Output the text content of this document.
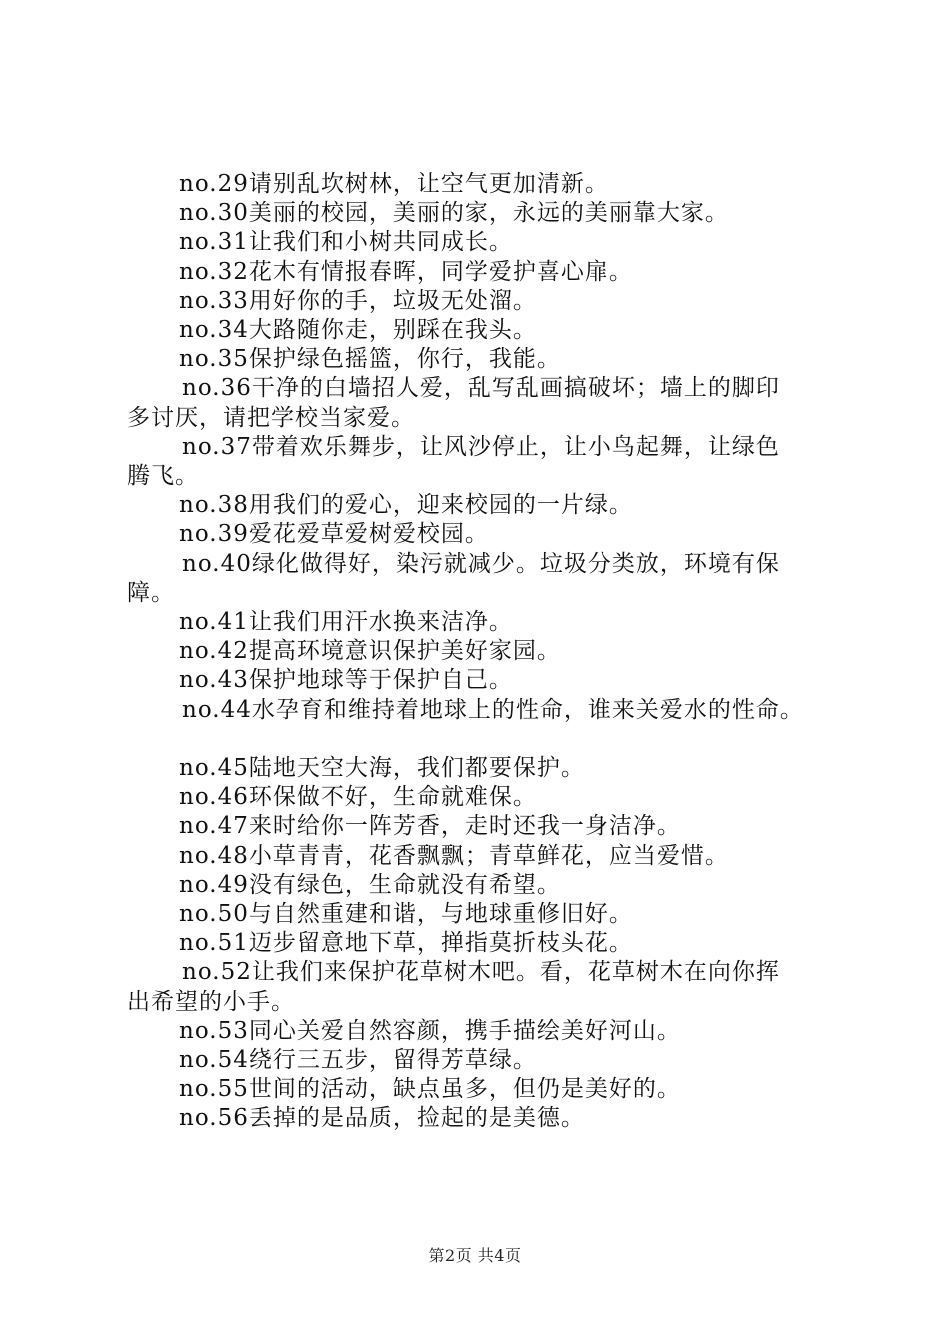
no.29请别乱坎树林，让空气更加清新。
no.30美丽的校园，美丽的家，永远的美丽靠大家。
no.31让我们和小树共同成长。
no.32花木有情报春晖，同学爱护喜心扉。
no.33用好你的手，垃圾无处溜。
no.34大路随你走，别踩在我头。
no.35保护绿色摇篮，你行，我能。
no.36干净的白墙招人爱，乱写乱画搞破坏；墙上的脚印
多讨厌，请把学校当家爱。
no.37带着欢乐舞步，让风沙停止，让小鸟起舞，让绿色
腾飞。
no.38用我们的爱心，迎来校园的一片绿。
no.39爱花爱草爱树爱校园。
no.40绿化做得好，染污就减少。垃圾分类放，环境有保
障。
no.41让我们用汗水换来洁净。
no.42提高环境意识保护美好家园。
no.43保护地球等于保护自己。
no.44水孕育和维持着地球上的性命，谁来关爱水的性命。
no.45陆地天空大海，我们都要保护。
no.46环保做不好，生命就难保。
no.47来时给你一阵芳香，走时还我一身洁净。
no.48小草青青，花香飘飘；青草鲜花，应当爱惜。
no.49没有绿色，生命就没有希望。
no.50与自然重建和谐，与地球重修旧好。
no.51迈步留意地下草，掸指莫折枝头花。
no.52让我们来保护花草树木吧。看，花草树木在向你挥
出希望的小手。
no.53同心关爱自然容颜，携手描绘美好河山。
no.54绕行三五步，留得芳草绿。
no.55世间的活动，缺点虽多，但仍是美好的。
no.56丢掉的是品质，捡起的是美德。
第2页 共4页
